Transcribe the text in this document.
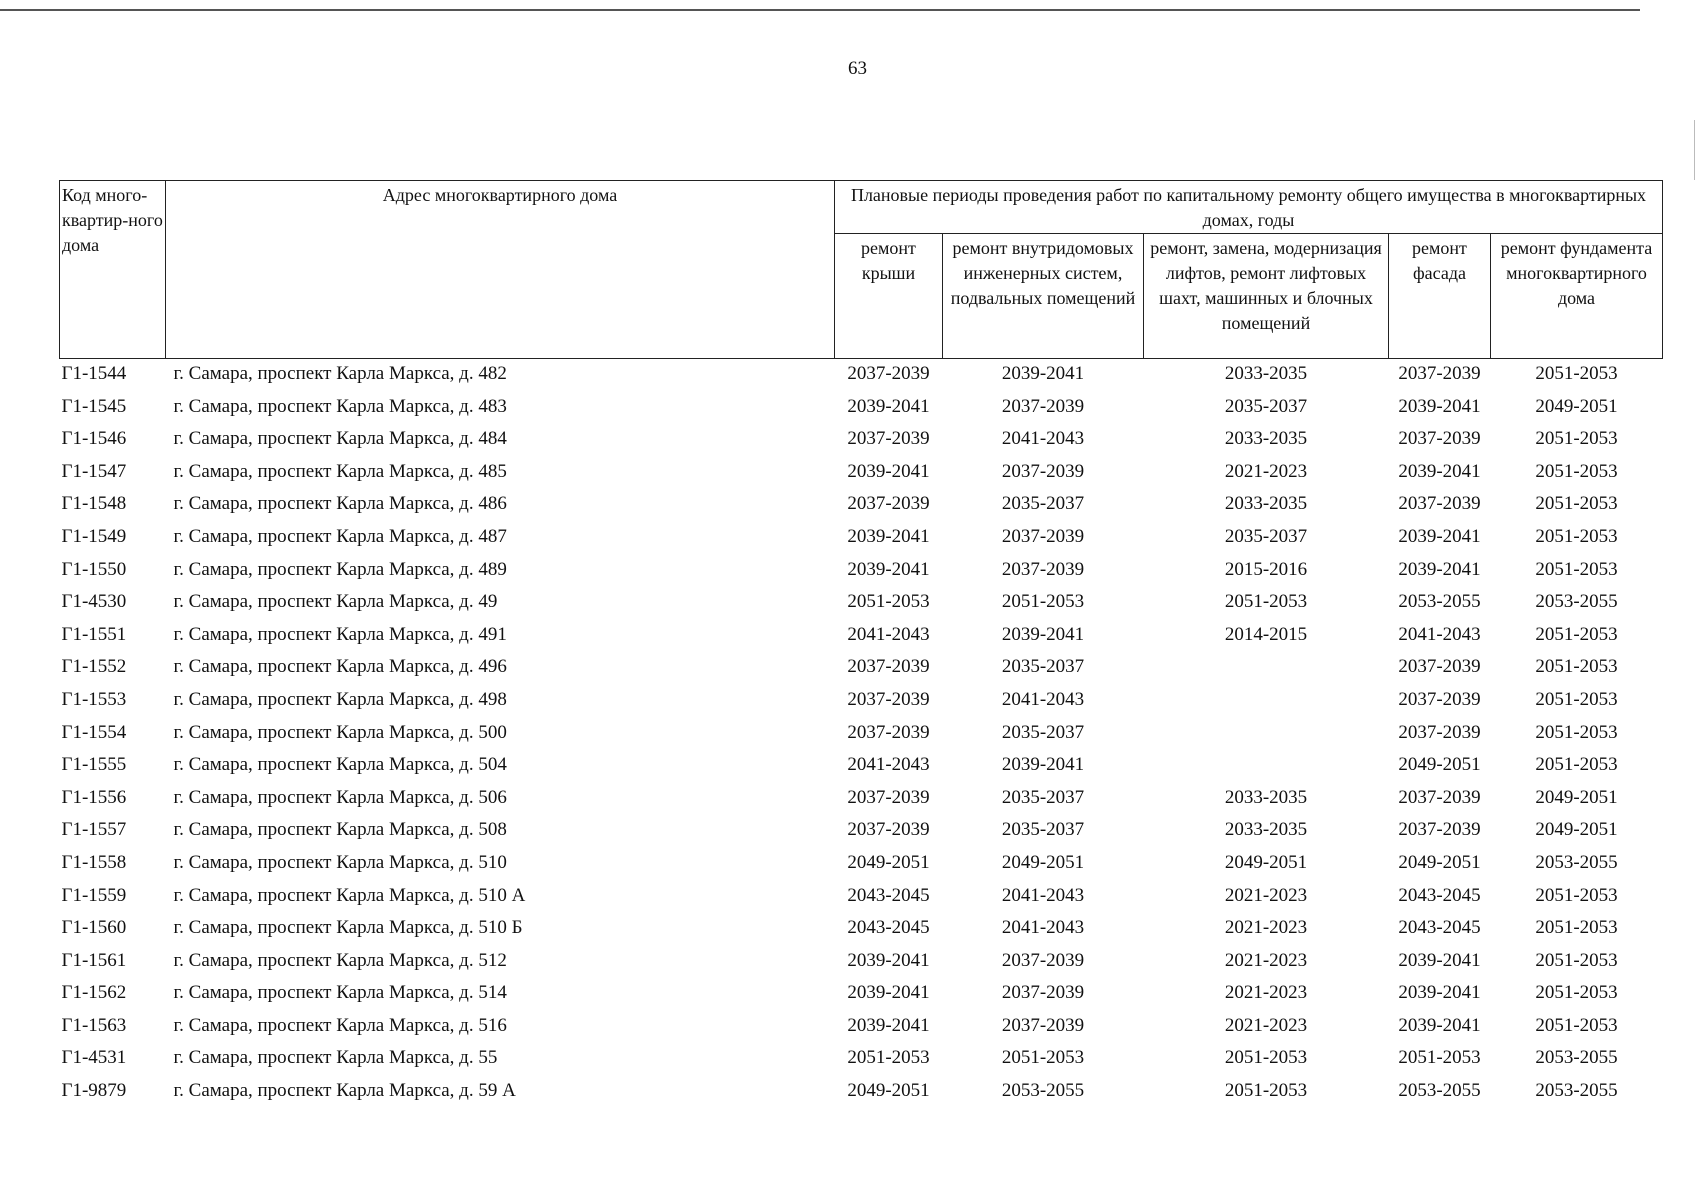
63
Код много-квартир-ного дома	Адрес многоквартирного дома	Плановые периоды проведения работ по капитальному ремонту общего имущества в многоквартирных домах, годы				
		ремонт крыши	ремонт внутридомовых инженерных систем, подвальных помещений	ремонт, замена, модернизация лифтов, ремонт лифтовых шахт, машинных и блочных помещений	ремонт фасада	ремонт фундамента многоквартирного дома
Г1-1544	г. Самара, проспект Карла Маркса, д. 482	2037-2039	2039-2041	2033-2035	2037-2039	2051-2053
Г1-1545	г. Самара, проспект Карла Маркса, д. 483	2039-2041	2037-2039	2035-2037	2039-2041	2049-2051
Г1-1546	г. Самара, проспект Карла Маркса, д. 484	2037-2039	2041-2043	2033-2035	2037-2039	2051-2053
Г1-1547	г. Самара, проспект Карла Маркса, д. 485	2039-2041	2037-2039	2021-2023	2039-2041	2051-2053
Г1-1548	г. Самара, проспект Карла Маркса, д. 486	2037-2039	2035-2037	2033-2035	2037-2039	2051-2053
Г1-1549	г. Самара, проспект Карла Маркса, д. 487	2039-2041	2037-2039	2035-2037	2039-2041	2051-2053
Г1-1550	г. Самара, проспект Карла Маркса, д. 489	2039-2041	2037-2039	2015-2016	2039-2041	2051-2053
Г1-4530	г. Самара, проспект Карла Маркса, д. 49	2051-2053	2051-2053	2051-2053	2053-2055	2053-2055
Г1-1551	г. Самара, проспект Карла Маркса, д. 491	2041-2043	2039-2041	2014-2015	2041-2043	2051-2053
Г1-1552	г. Самара, проспект Карла Маркса, д. 496	2037-2039	2035-2037		2037-2039	2051-2053
Г1-1553	г. Самара, проспект Карла Маркса, д. 498	2037-2039	2041-2043		2037-2039	2051-2053
Г1-1554	г. Самара, проспект Карла Маркса, д. 500	2037-2039	2035-2037		2037-2039	2051-2053
Г1-1555	г. Самара, проспект Карла Маркса, д. 504	2041-2043	2039-2041		2049-2051	2051-2053
Г1-1556	г. Самара, проспект Карла Маркса, д. 506	2037-2039	2035-2037	2033-2035	2037-2039	2049-2051
Г1-1557	г. Самара, проспект Карла Маркса, д. 508	2037-2039	2035-2037	2033-2035	2037-2039	2049-2051
Г1-1558	г. Самара, проспект Карла Маркса, д. 510	2049-2051	2049-2051	2049-2051	2049-2051	2053-2055
Г1-1559	г. Самара, проспект Карла Маркса, д. 510 А	2043-2045	2041-2043	2021-2023	2043-2045	2051-2053
Г1-1560	г. Самара, проспект Карла Маркса, д. 510 Б	2043-2045	2041-2043	2021-2023	2043-2045	2051-2053
Г1-1561	г. Самара, проспект Карла Маркса, д. 512	2039-2041	2037-2039	2021-2023	2039-2041	2051-2053
Г1-1562	г. Самара, проспект Карла Маркса, д. 514	2039-2041	2037-2039	2021-2023	2039-2041	2051-2053
Г1-1563	г. Самара, проспект Карла Маркса, д. 516	2039-2041	2037-2039	2021-2023	2039-2041	2051-2053
Г1-4531	г. Самара, проспект Карла Маркса, д. 55	2051-2053	2051-2053	2051-2053	2051-2053	2053-2055
Г1-9879	г. Самара, проспект Карла Маркса, д. 59 А	2049-2051	2053-2055	2051-2053	2053-2055	2053-2055
